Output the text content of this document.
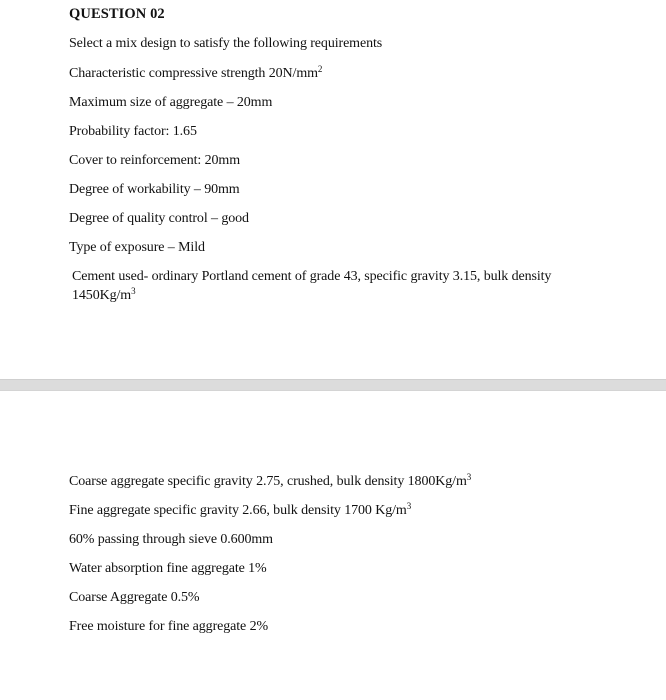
QUESTION 02
Select a mix design to satisfy the following requirements
Characteristic compressive strength $20N/mm^2$
Maximum size of aggregate – 20mm
Probability factor: 1.65
Cover to reinforcement: 20mm
Degree of workability – 90mm
Degree of quality control – good
Type of exposure – Mild
Cement used- ordinary Portland cement of grade 43, specific gravity 3.15, bulk density
$1450Kg/m^3$
Coarse aggregate specific gravity 2.75, crushed, bulk density $1800Kg/m^3$
Fine aggregate specific gravity 2.66, bulk density 1700 $Kg/m^3$
60% passing through sieve 0.600mm
Water absorption fine aggregate 1%
Coarse Aggregate 0.5%
Free moisture for fine aggregate 2%
